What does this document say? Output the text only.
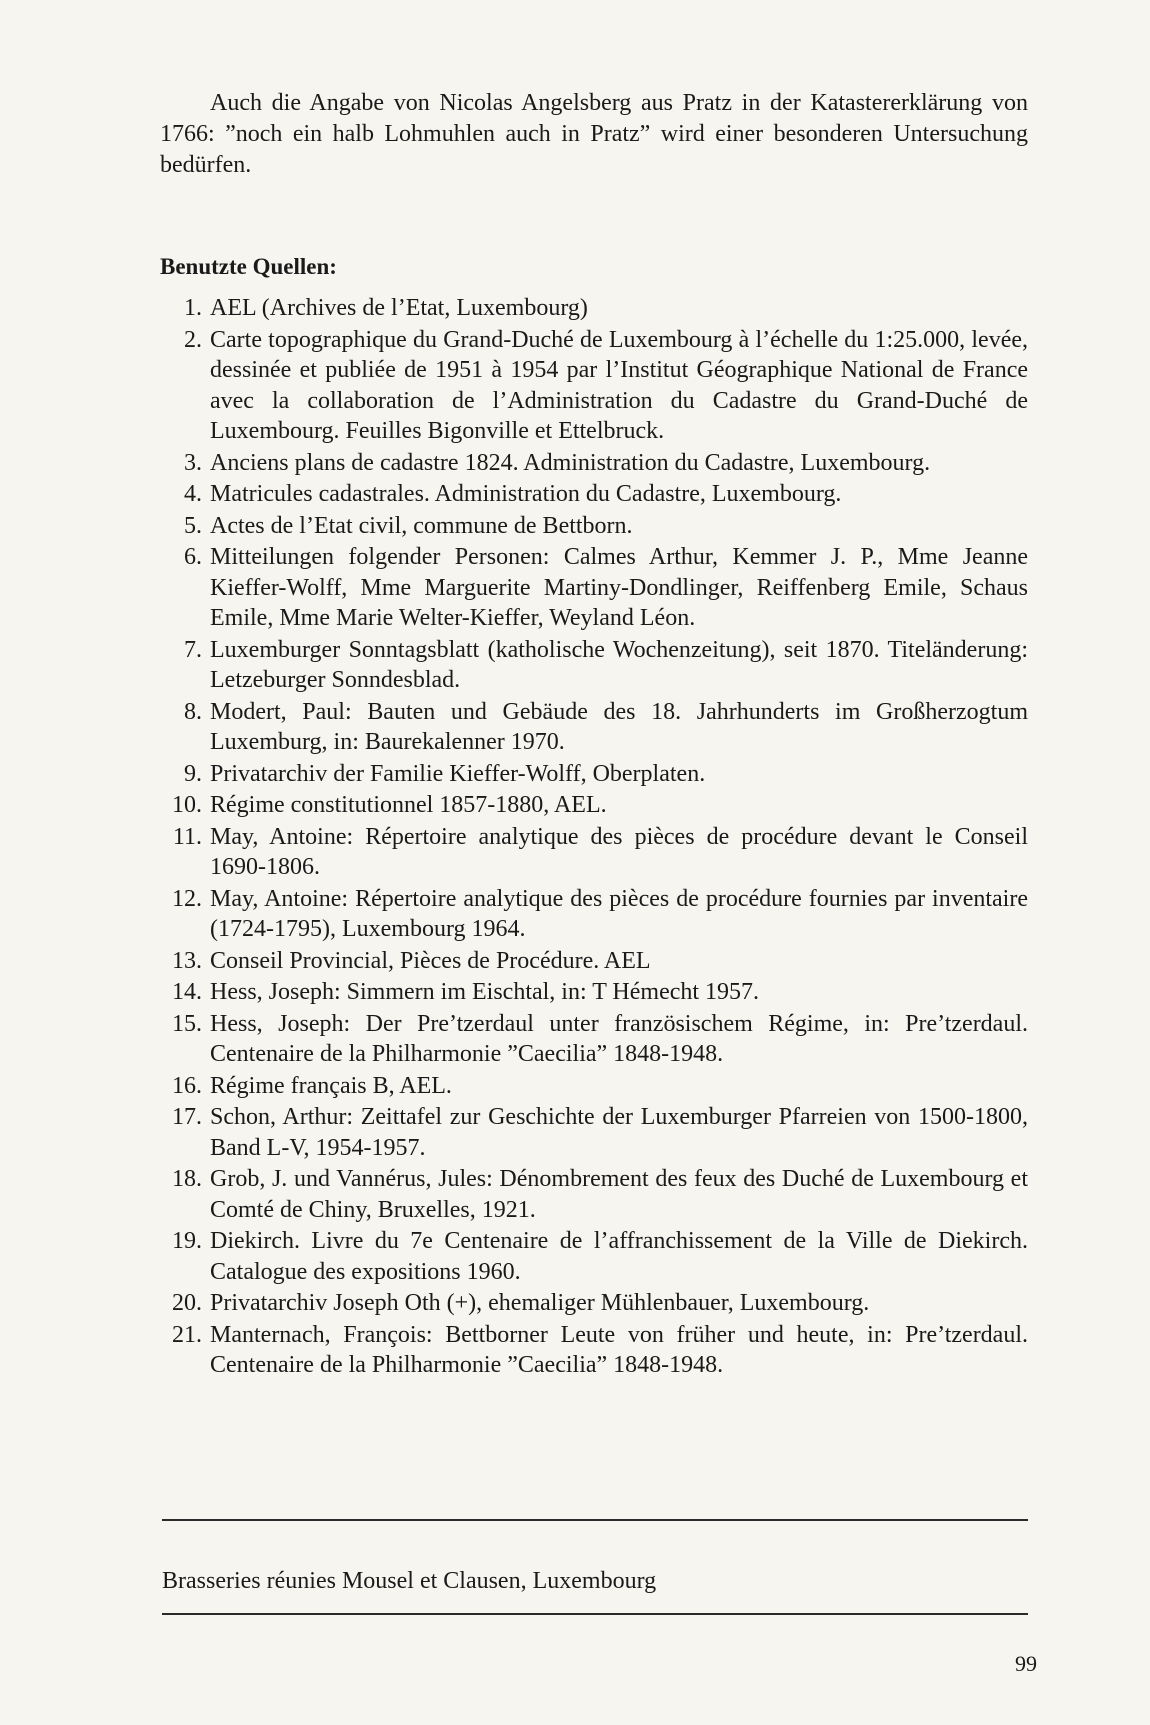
Auch die Angabe von Nicolas Angelsberg aus Pratz in der Katastererklärung von 1766: ”noch ein halb Lohmuhlen auch in Pratz” wird einer besonderen Untersuchung bedürfen.

Benutzte Quellen:
1. AEL (Archives de l’Etat, Luxembourg)
2. Carte topographique du Grand-Duché de Luxembourg à l’échelle du 1:25.000, levée, dessinée et publiée de 1951 à 1954 par l’Institut Géographique National de France avec la collaboration de l’Administration du Cadastre du Grand-Duché de Luxembourg. Feuilles Bigonville et Ettelbruck.
3. Anciens plans de cadastre 1824. Administration du Cadastre, Luxembourg.
4. Matricules cadastrales. Administration du Cadastre, Luxembourg.
5. Actes de l’Etat civil, commune de Bettborn.
6. Mitteilungen folgender Personen: Calmes Arthur, Kemmer J. P., Mme Jeanne Kieffer-Wolff, Mme Marguerite Martiny-Dondlinger, Reiffenberg Emile, Schaus Emile, Mme Marie Welter-Kieffer, Weyland Léon.
7. Luxemburger Sonntagsblatt (katholische Wochenzeitung), seit 1870. Titeländerung: Letzeburger Sonndesblad.
8. Modert, Paul: Bauten und Gebäude des 18. Jahrhunderts im Großherzogtum Luxemburg, in: Baurekalenner 1970.
9. Privatarchiv der Familie Kieffer-Wolff, Oberplaten.
10. Régime constitutionnel 1857-1880, AEL.
11. May, Antoine: Répertoire analytique des pièces de procédure devant le Conseil 1690-1806.
12. May, Antoine: Répertoire analytique des pièces de procédure fournies par inventaire (1724-1795), Luxembourg 1964.
13. Conseil Provincial, Pièces de Procédure. AEL
14. Hess, Joseph: Simmern im Eischtal, in: T Hémecht 1957.
15. Hess, Joseph: Der Pre’tzerdaul unter französischem Régime, in: Pre’tzerdaul. Centenaire de la Philharmonie ”Caecilia” 1848-1948.
16. Régime français B, AEL.
17. Schon, Arthur: Zeittafel zur Geschichte der Luxemburger Pfarreien von 1500-1800, Band L-V, 1954-1957.
18. Grob, J. und Vannérus, Jules: Dénombrement des feux des Duché de Luxembourg et Comté de Chiny, Bruxelles, 1921.
19. Diekirch. Livre du 7e Centenaire de l’affranchissement de la Ville de Diekirch. Catalogue des expositions 1960.
20. Privatarchiv Joseph Oth (+), ehemaliger Mühlenbauer, Luxembourg.
21. Manternach, François: Bettborner Leute von früher und heute, in: Pre’tzerdaul. Centenaire de la Philharmonie ”Caecilia” 1848-1948.

Brasseries réunies Mousel et Clausen, Luxembourg

99
